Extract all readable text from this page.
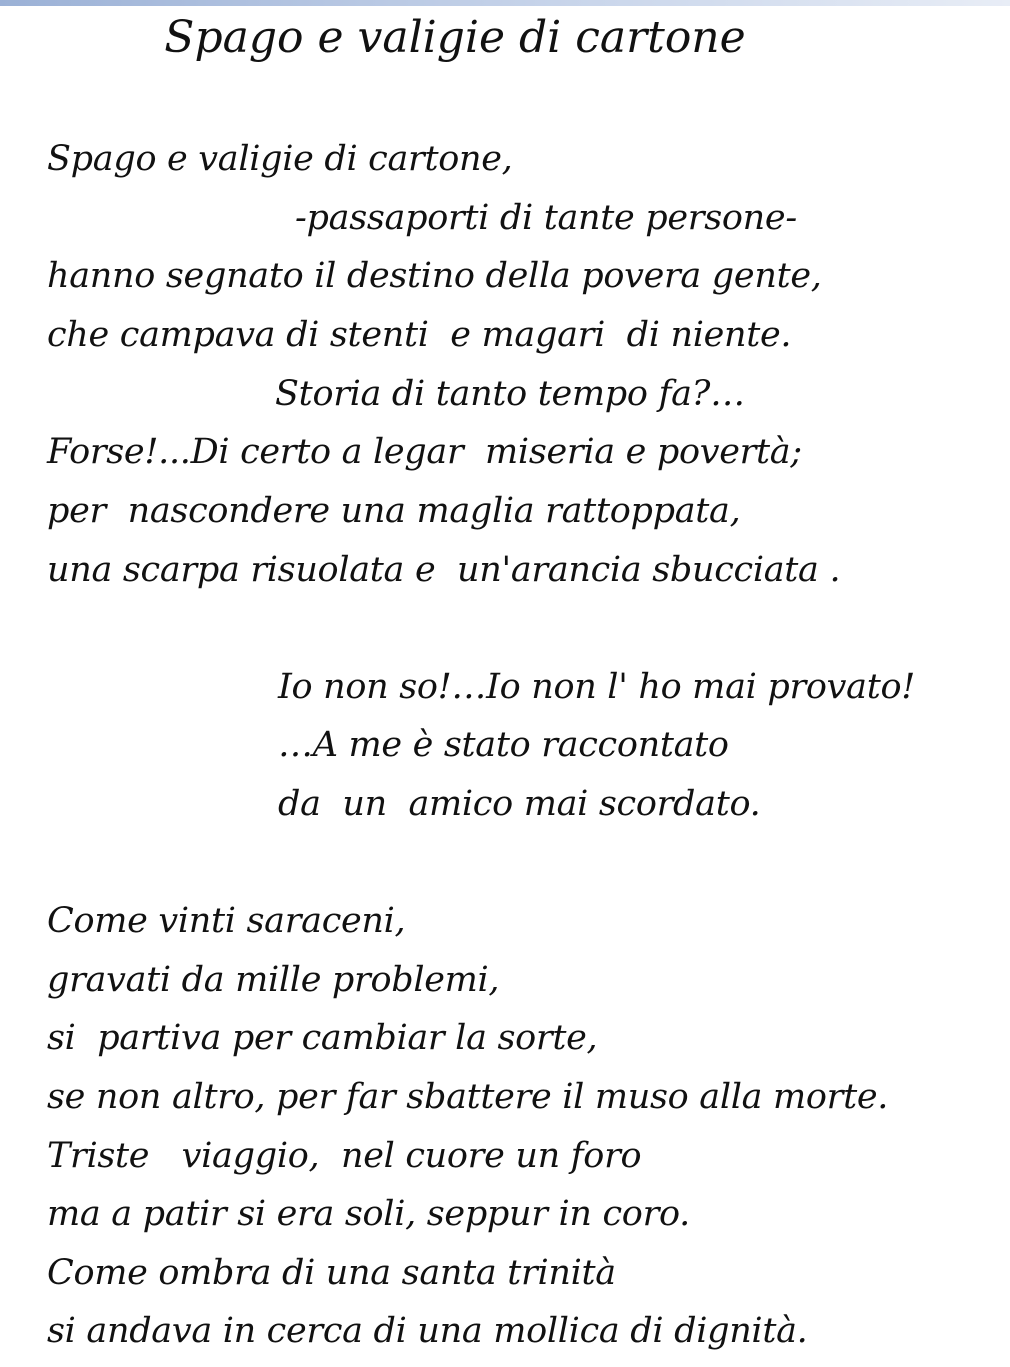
Spago e valigie di cartone
Spago e valigie di cartone,
-passaporti di tante persone-
hanno segnato il destino della povera gente,
che campava di stenti  e magari  di niente.
Storia di tanto tempo fa?…
Forse!...Di certo a legar  miseria e povertà;
per  nascondere una maglia rattoppata,
una scarpa risuolata e  un'arancia sbucciata .
Io non so!…Io non l' ho mai provato!
…A me è stato raccontato
da  un  amico mai scordato.
Come vinti saraceni,
gravati da mille problemi,
si  partiva per cambiar la sorte,
se non altro, per far sbattere il muso alla morte.
Triste   viaggio,  nel cuore un foro
ma a patir si era soli, seppur in coro.
Come ombra di una santa trinità
si andava in cerca di una mollica di dignità.
